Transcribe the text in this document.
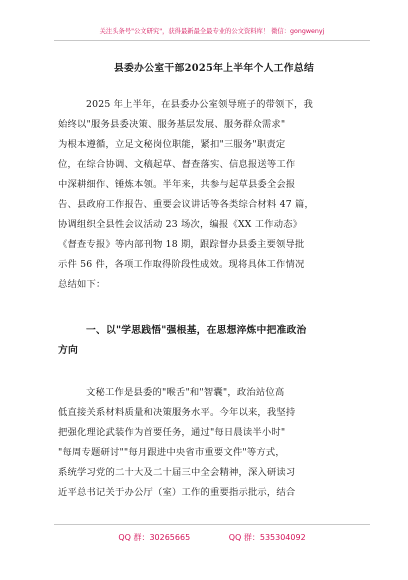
关注头条号"公文研究"，获得最新最全最专业的公文资料库！ 微信：gongwenyj
县委办公室干部2025年上半年个人工作总结
2025 年上半年，在县委办公室领导班子的带领下，我
始终以"服务县委决策、服务基层发展、服务群众需求"
为根本遵循，立足文秘岗位职能，紧扣"三服务"职责定
位，在综合协调、文稿起草、督查落实、信息报送等工作
中深耕细作、锤炼本领。半年来，共参与起草县委全会报
告、县政府工作报告、重要会议讲话等各类综合材料 47 篇，
协调组织全县性会议活动 23 场次，编报《XX 工作动态》
《督查专报》等内部刊物 18 期，跟踪督办县委主要领导批
示件 56 件，各项工作取得阶段性成效。现将具体工作情况
总结如下：
一、以"学思践悟"强根基，在思想淬炼中把准政治
方向
文秘工作是县委的"喉舌"和"智囊"，政治站位高
低直接关系材料质量和决策服务水平。今年以来，我坚持
把强化理论武装作为首要任务，通过"每日晨读半小时"
"每周专题研讨""每月跟进中央省市重要文件"等方式，
系统学习党的二十大及二十届三中全会精神，深入研读习
近平总书记关于办公厅（室）工作的重要指示批示，结合
QQ 群：30265665	QQ 群：535304092
